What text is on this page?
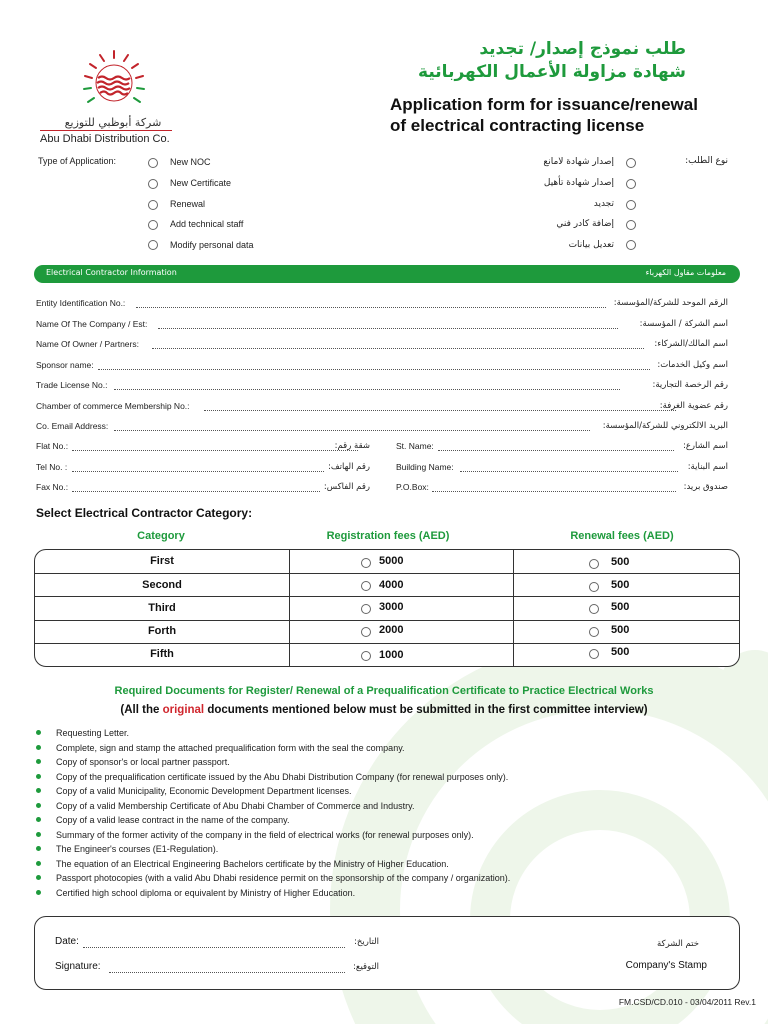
شركة أبوظبي للتوزيع
Abu Dhabi Distribution Co.
طلب نموذج إصدار/ تجديد
شهادة مزاولة الأعمال الكهربائية
Application form for issuance/renewal
of electrical contracting license
Type of Application:	نوع الطلب:
New NOC	إصدار شهادة لامانع
New Certificate	إصدار شهادة تأهيل
Renewal	تجديد
Add technical staff	إضافة كادر فني
Modify personal data	تعديل بيانات
Electrical Contractor Information	معلومات مقاول الكهرباء
Entity Identification No.:	الرقم الموحد للشركة/المؤسسة:
Name Of The Company / Est:	اسم الشركة / المؤسسة:
Name Of Owner / Partners:	اسم المالك/الشركاء:
Sponsor name:	اسم وكيل الخدمات:
Trade License No.:	رقم الرخصة التجارية:
Chamber of commerce Membership No.:	رقم عضوية الغرفة:
Co. Email Address:	البريد الالكتروني للشركة/المؤسسة:
Flat No.:	شقة رقم:	St. Name:	اسم الشارع:
Tel No. :	رقم الهاتف:	Building Name:	اسم البناية:
Fax No.:	رقم الفاكس:	P.O.Box:	صندوق بريد:
Select Electrical Contractor Category:
Category	Registration fees (AED)	Renewal fees (AED)
First	5000	500
Second	4000	500
Third	3000	500
Forth	2000	500
Fifth	1000	500
Required Documents for Register/ Renewal of a Prequalification Certificate to Practice Electrical Works
(All the original documents mentioned below must be submitted in the first committee interview)
Requesting Letter.
Complete, sign and stamp the attached prequalification form with the seal the company.
Copy of sponsor's or local partner passport.
Copy of the prequalification certificate issued by the Abu Dhabi Distribution Company (for renewal purposes only).
Copy of a valid Municipality, Economic Development Department licenses.
Copy of a valid Membership Certificate of Abu Dhabi Chamber of Commerce and Industry.
Copy of a valid lease contract in the name of the company.
Summary of the former activity of the company in the field of electrical works (for renewal purposes only).
The Engineer's courses (E1-Regulation).
The equation of an Electrical Engineering Bachelors certificate by the Ministry of Higher Education.
Passport photocopies (with a valid Abu Dhabi residence permit on the sponsorship of the company / organization).
Certified high school diploma or equivalent by Ministry of Higher Education.
Date:	التاريخ:
Signature:	التوقيع:
ختم الشركة
Company's Stamp
FM.CSD/CD.010 - 03/04/2011 Rev.1
